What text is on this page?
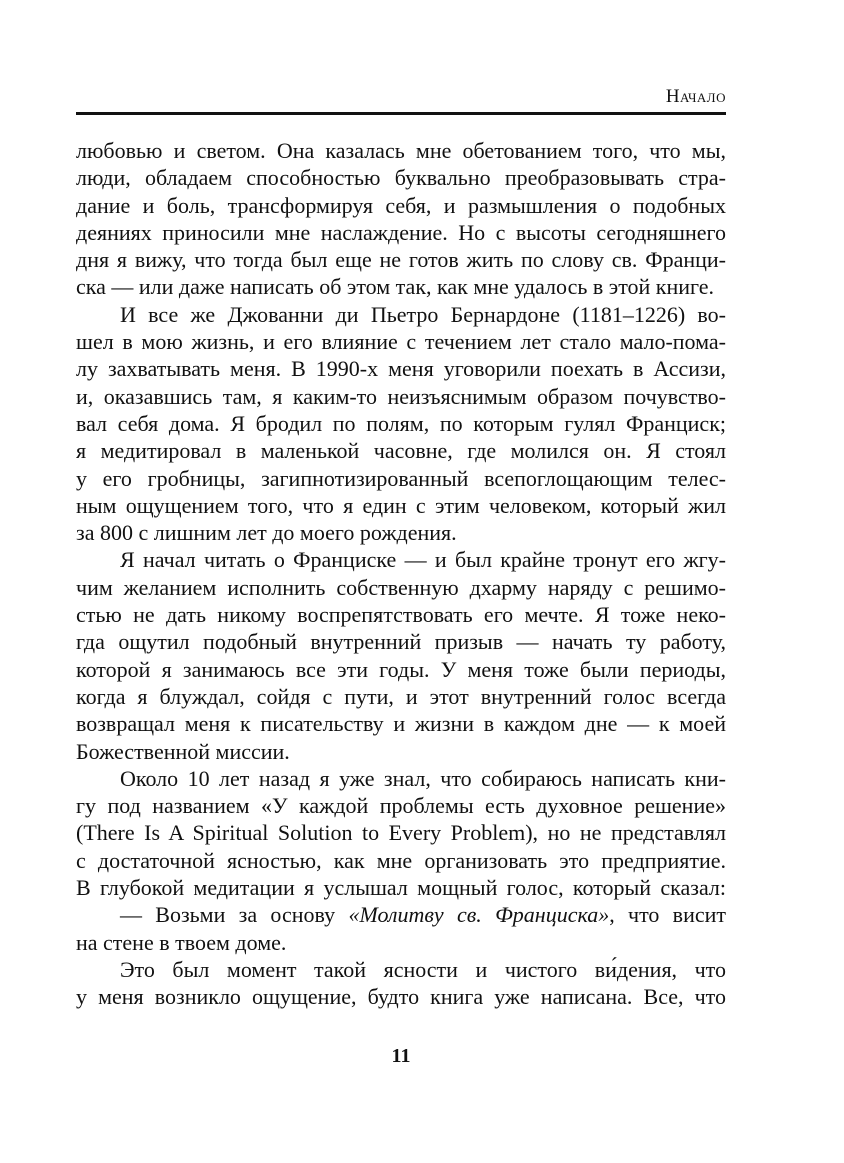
Начало
любовью и светом. Она казалась мне обетованием того, что мы,
люди, обладаем способностью буквально преобразовывать стра-
дание и боль, трансформируя себя, и размышления о подобных
деяниях приносили мне наслаждение. Но с высоты сегодняшнего
дня я вижу, что тогда был еще не готов жить по слову св. Франци-
ска — или даже написать об этом так, как мне удалось в этой книге.
И все же Джованни ди Пьетро Бернардоне (1181–1226) во-
шел в мою жизнь, и его влияние с течением лет стало мало-пома-
лу захватывать меня. В 1990-х меня уговорили поехать в Ассизи,
и, оказавшись там, я каким-то неизъяснимым образом почувство-
вал себя дома. Я бродил по полям, по которым гулял Франциск;
я медитировал в маленькой часовне, где молился он. Я стоял
у его гробницы, загипнотизированный всепоглощающим телес-
ным ощущением того, что я един с этим человеком, который жил
за 800 с лишним лет до моего рождения.
Я начал читать о Франциске — и был крайне тронут его жгу-
чим желанием исполнить собственную дхарму наряду с решимо-
стью не дать никому воспрепятствовать его мечте. Я тоже неко-
гда ощутил подобный внутренний призыв — начать ту работу,
которой я занимаюсь все эти годы. У меня тоже были периоды,
когда я блуждал, сойдя с пути, и этот внутренний голос всегда
возвращал меня к писательству и жизни в каждом дне — к моей
Божественной миссии.
Около 10 лет назад я уже знал, что собираюсь написать кни-
гу под названием «У каждой проблемы есть духовное решение»
(There Is A Spiritual Solution to Every Problem), но не представлял
с достаточной ясностью, как мне организовать это предприятие.
В глубокой медитации я услышал мощный голос, который сказал:
— Возьми за основу «Молитву св. Франциска», что висит
на стене в твоем доме.
Это был момент такой ясности и чистого ви́дения, что
у меня возникло ощущение, будто книга уже написана. Все, что
11
